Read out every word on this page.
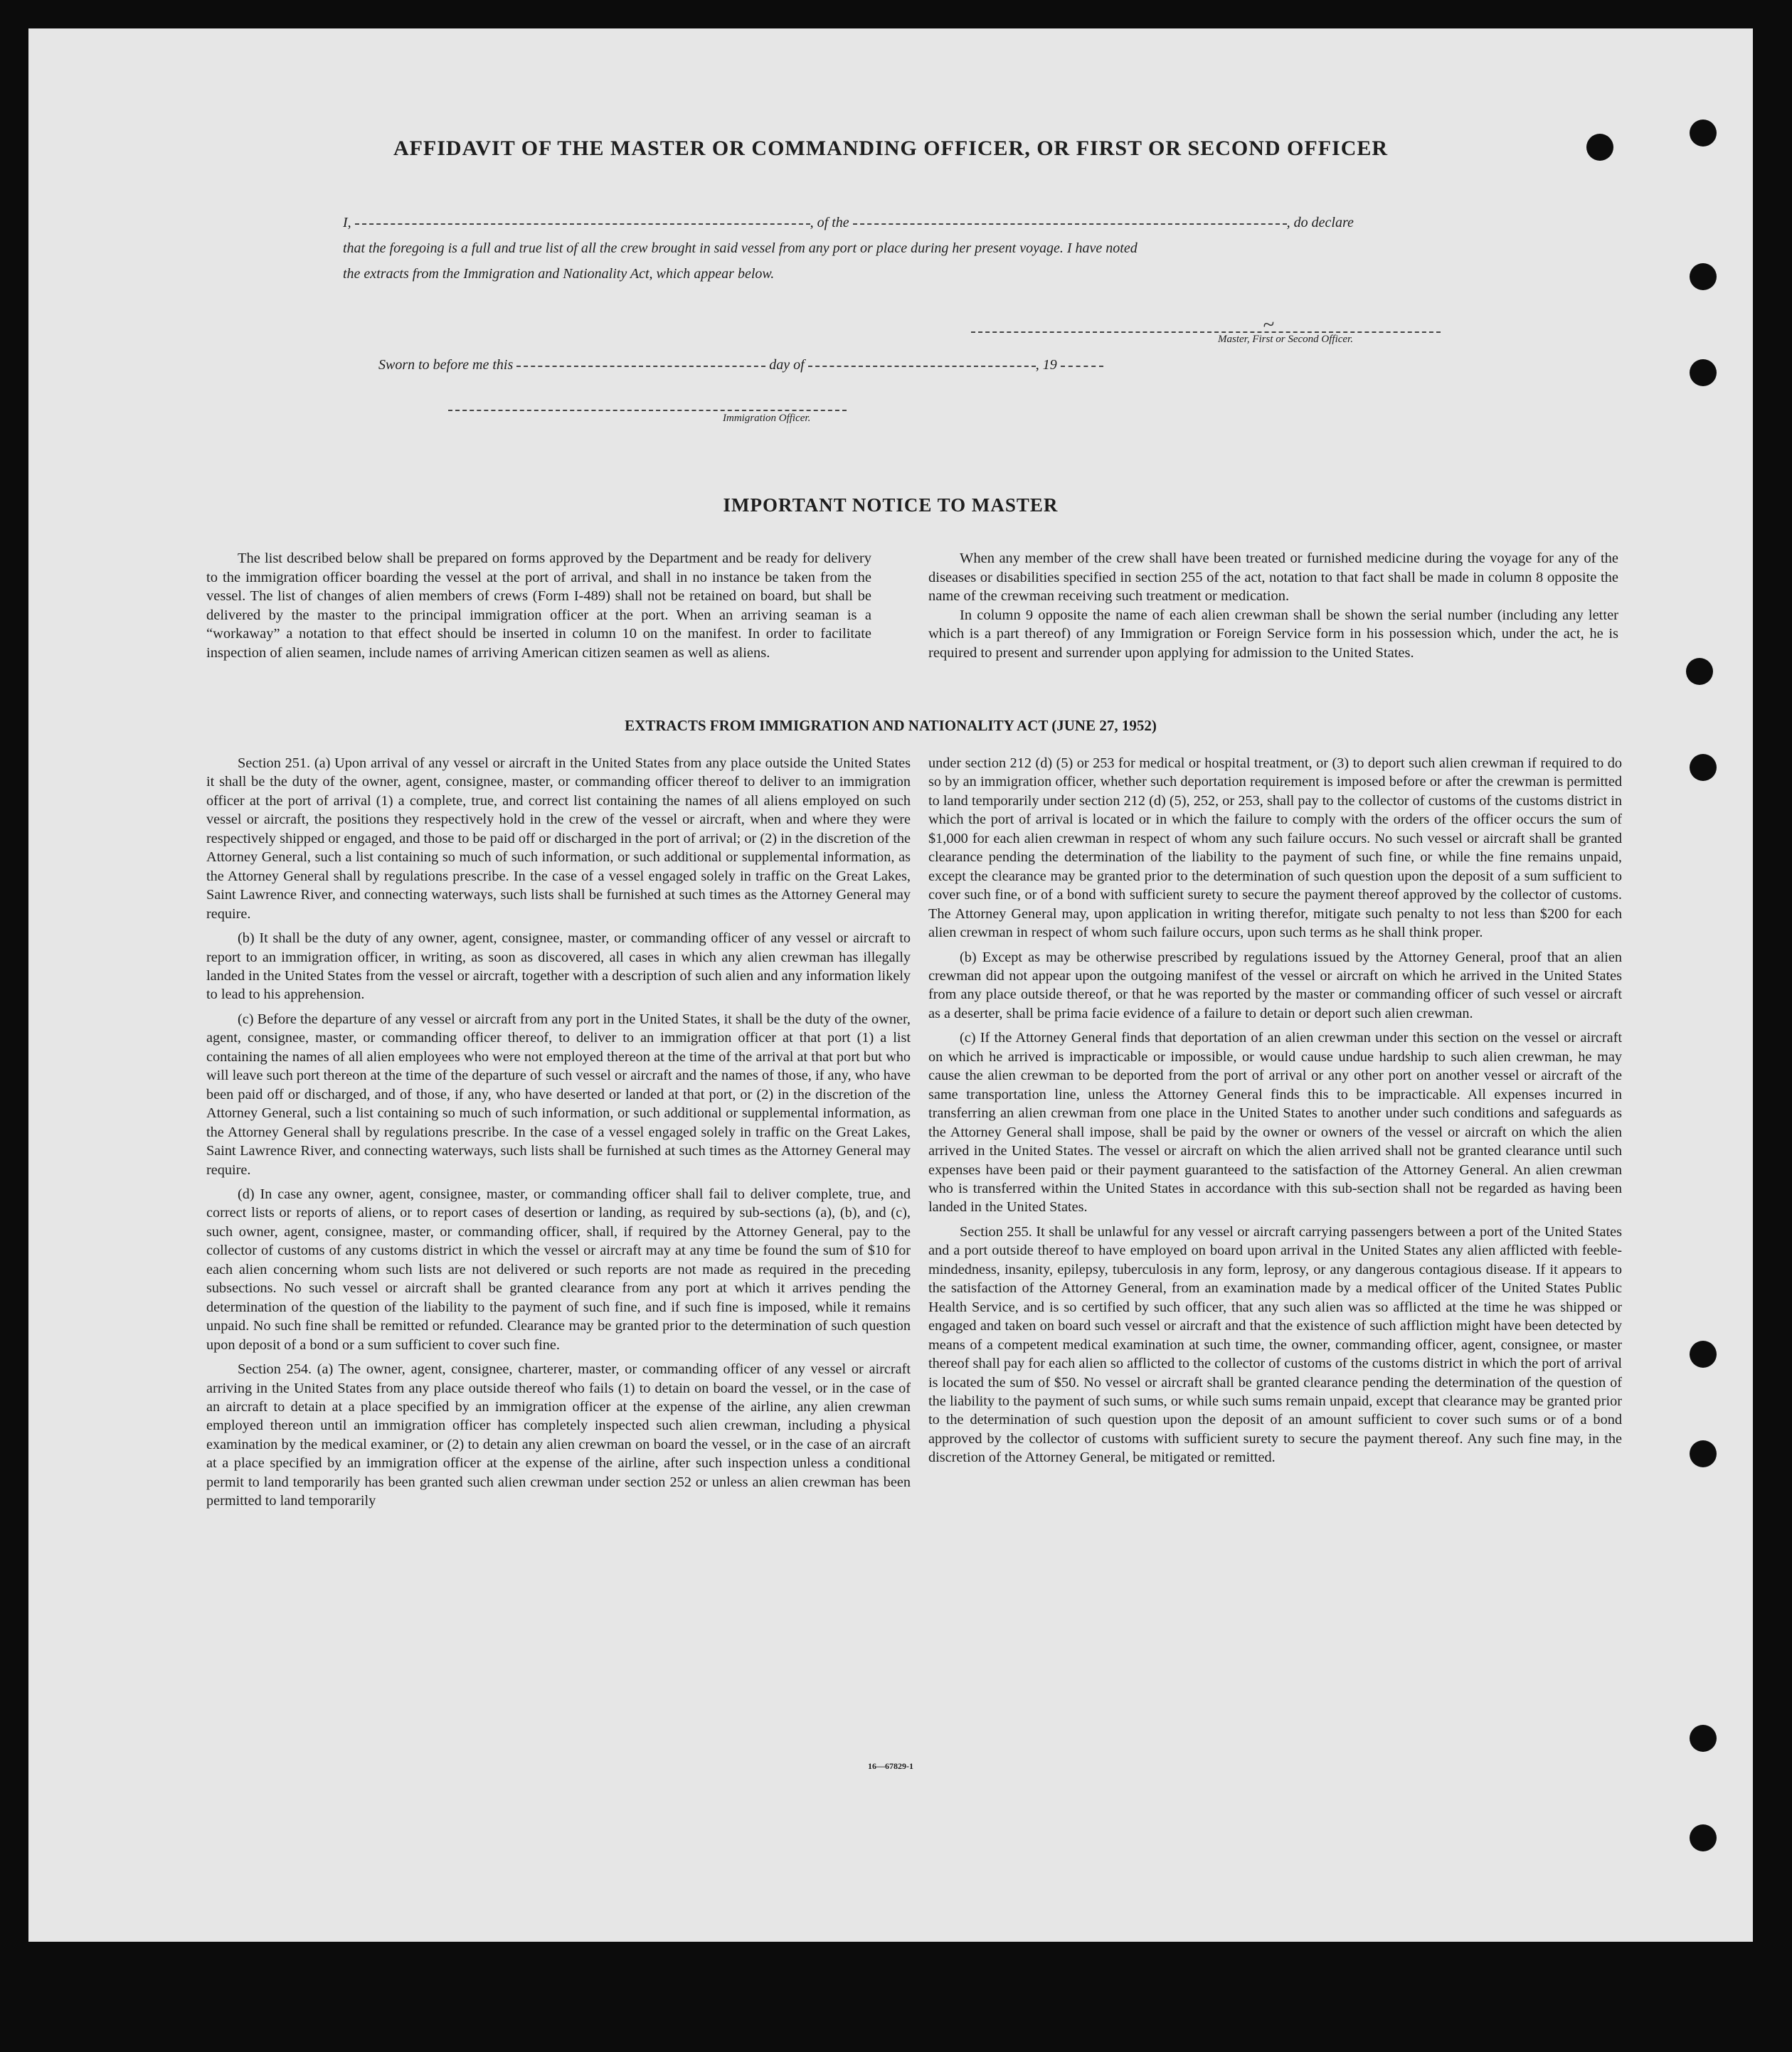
AFFIDAVIT OF THE MASTER OR COMMANDING OFFICER, OR FIRST OR SECOND OFFICER
I,	, of the	, do declare
that the foregoing is a full and true list of all the crew brought in said vessel from any port or place during her present voyage. I have noted
the extracts from the Immigration and Nationality Act, which appear below.
~
Master, First or Second Officer.
Sworn to before me this	day of	, 19
Immigration Officer.
IMPORTANT NOTICE TO MASTER

The list described below shall be prepared on forms approved by the Department and be ready for delivery to the immigration officer boarding the vessel at the port of arrival, and shall in no instance be taken from the vessel. The list of changes of alien members of crews (Form I-489) shall not be retained on board, but shall be delivered by the master to the principal immigration officer at the port. When an arriving seaman is a “workaway” a notation to that effect should be inserted in column 10 on the manifest. In order to facilitate inspection of alien seamen, include names of arriving American citizen seamen as well as aliens.

When any member of the crew shall have been treated or furnished medicine during the voyage for any of the diseases or disabilities specified in section 255 of the act, notation to that fact shall be made in column 8 opposite the name of the crewman receiving such treatment or medication.

In column 9 opposite the name of each alien crewman shall be shown the serial number (including any letter which is a part thereof) of any Immigration or Foreign Service form in his possession which, under the act, he is required to present and surrender upon applying for admission to the United States.

EXTRACTS FROM IMMIGRATION AND NATIONALITY ACT (JUNE 27, 1952)

Section 251. (a) Upon arrival of any vessel or aircraft in the United States from any place outside the United States it shall be the duty of the owner, agent, consignee, master, or commanding officer thereof to deliver to an immigration officer at the port of arrival (1) a complete, true, and correct list containing the names of all aliens employed on such vessel or aircraft, the positions they respectively hold in the crew of the vessel or aircraft, when and where they were respectively shipped or engaged, and those to be paid off or discharged in the port of arrival; or (2) in the discretion of the Attorney General, such a list containing so much of such information, or such additional or supplemental information, as the Attorney General shall by regulations prescribe. In the case of a vessel engaged solely in traffic on the Great Lakes, Saint Lawrence River, and connecting waterways, such lists shall be furnished at such times as the Attorney General may require.

(b) It shall be the duty of any owner, agent, consignee, master, or commanding officer of any vessel or aircraft to report to an immigration officer, in writing, as soon as discovered, all cases in which any alien crewman has illegally landed in the United States from the vessel or aircraft, together with a description of such alien and any information likely to lead to his apprehension.

(c) Before the departure of any vessel or aircraft from any port in the United States, it shall be the duty of the owner, agent, consignee, master, or commanding officer thereof, to deliver to an immigration officer at that port (1) a list containing the names of all alien employees who were not employed thereon at the time of the arrival at that port but who will leave such port thereon at the time of the departure of such vessel or aircraft and the names of those, if any, who have been paid off or discharged, and of those, if any, who have deserted or landed at that port, or (2) in the discretion of the Attorney General, such a list containing so much of such information, or such additional or supplemental information, as the Attorney General shall by regulations prescribe. In the case of a vessel engaged solely in traffic on the Great Lakes, Saint Lawrence River, and connecting waterways, such lists shall be furnished at such times as the Attorney General may require.

(d) In case any owner, agent, consignee, master, or commanding officer shall fail to deliver complete, true, and correct lists or reports of aliens, or to report cases of desertion or landing, as required by sub-sections (a), (b), and (c), such owner, agent, consignee, master, or commanding officer, shall, if required by the Attorney General, pay to the collector of customs of any customs district in which the vessel or aircraft may at any time be found the sum of $10 for each alien concerning whom such lists are not delivered or such reports are not made as required in the preceding subsections. No such vessel or aircraft shall be granted clearance from any port at which it arrives pending the determination of the question of the liability to the payment of such fine, and if such fine is imposed, while it remains unpaid. No such fine shall be remitted or refunded. Clearance may be granted prior to the determination of such question upon deposit of a bond or a sum sufficient to cover such fine.

Section 254. (a) The owner, agent, consignee, charterer, master, or commanding officer of any vessel or aircraft arriving in the United States from any place outside thereof who fails (1) to detain on board the vessel, or in the case of an aircraft to detain at a place specified by an immigration officer at the expense of the airline, any alien crewman employed thereon until an immigration officer has completely inspected such alien crewman, including a physical examination by the medical examiner, or (2) to detain any alien crewman on board the vessel, or in the case of an aircraft at a place specified by an immigration officer at the expense of the airline, after such inspection unless a conditional permit to land temporarily has been granted such alien crewman under section 252 or unless an alien crewman has been permitted to land temporarily

under section 212 (d) (5) or 253 for medical or hospital treatment, or (3) to deport such alien crewman if required to do so by an immigration officer, whether such deportation requirement is imposed before or after the crewman is permitted to land temporarily under section 212 (d) (5), 252, or 253, shall pay to the collector of customs of the customs district in which the port of arrival is located or in which the failure to comply with the orders of the officer occurs the sum of $1,000 for each alien crewman in respect of whom any such failure occurs. No such vessel or aircraft shall be granted clearance pending the determination of the liability to the payment of such fine, or while the fine remains unpaid, except the clearance may be granted prior to the determination of such question upon the deposit of a sum sufficient to cover such fine, or of a bond with sufficient surety to secure the payment thereof approved by the collector of customs. The Attorney General may, upon application in writing therefor, mitigate such penalty to not less than $200 for each alien crewman in respect of whom such failure occurs, upon such terms as he shall think proper.

(b) Except as may be otherwise prescribed by regulations issued by the Attorney General, proof that an alien crewman did not appear upon the outgoing manifest of the vessel or aircraft on which he arrived in the United States from any place outside thereof, or that he was reported by the master or commanding officer of such vessel or aircraft as a deserter, shall be prima facie evidence of a failure to detain or deport such alien crewman.

(c) If the Attorney General finds that deportation of an alien crewman under this section on the vessel or aircraft on which he arrived is impracticable or impossible, or would cause undue hardship to such alien crewman, he may cause the alien crewman to be deported from the port of arrival or any other port on another vessel or aircraft of the same transportation line, unless the Attorney General finds this to be impracticable. All expenses incurred in transferring an alien crewman from one place in the United States to another under such conditions and safeguards as the Attorney General shall impose, shall be paid by the owner or owners of the vessel or aircraft on which the alien arrived in the United States. The vessel or aircraft on which the alien arrived shall not be granted clearance until such expenses have been paid or their payment guaranteed to the satisfaction of the Attorney General. An alien crewman who is transferred within the United States in accordance with this sub-section shall not be regarded as having been landed in the United States.

Section 255. It shall be unlawful for any vessel or aircraft carrying passengers between a port of the United States and a port outside thereof to have employed on board upon arrival in the United States any alien afflicted with feeble-mindedness, insanity, epilepsy, tuberculosis in any form, leprosy, or any dangerous contagious disease. If it appears to the satisfaction of the Attorney General, from an examination made by a medical officer of the United States Public Health Service, and is so certified by such officer, that any such alien was so afflicted at the time he was shipped or engaged and taken on board such vessel or aircraft and that the existence of such affliction might have been detected by means of a competent medical examination at such time, the owner, commanding officer, agent, consignee, or master thereof shall pay for each alien so afflicted to the collector of customs of the customs district in which the port of arrival is located the sum of $50. No vessel or aircraft shall be granted clearance pending the determination of the question of the liability to the payment of such sums, or while such sums remain unpaid, except that clearance may be granted prior to the determination of such question upon the deposit of an amount sufficient to cover such sums or of a bond approved by the collector of customs with sufficient surety to secure the payment thereof. Any such fine may, in the discretion of the Attorney General, be mitigated or remitted.

16—67829-1
